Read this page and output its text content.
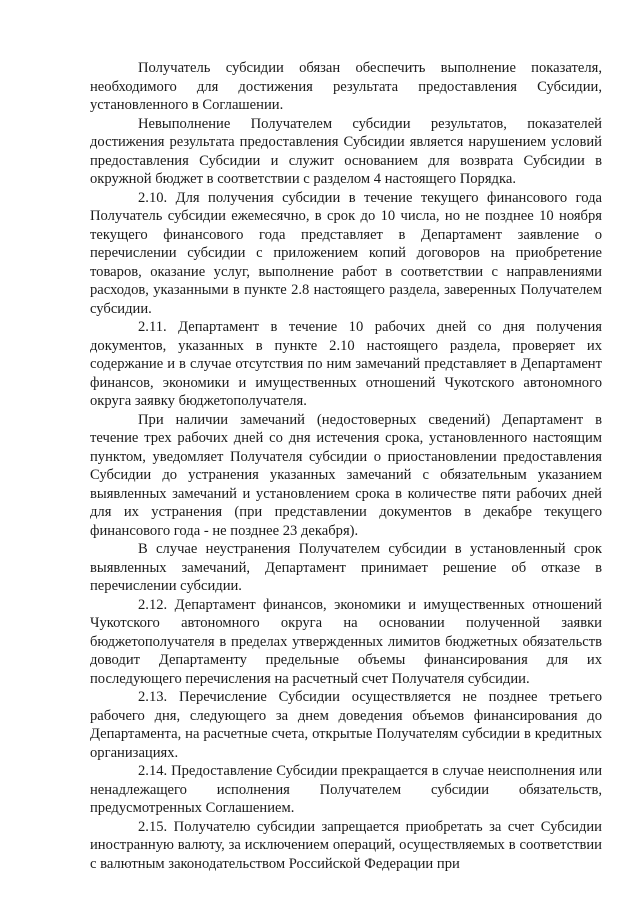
Получатель субсидии обязан обеспечить выполнение показателя, необходимого для достижения результата предоставления Субсидии, установленного в Соглашении.

Невыполнение Получателем субсидии результатов, показателей достижения результата предоставления Субсидии является нарушением условий предоставления Субсидии и служит основанием для возврата Субсидии в окружной бюджет в соответствии с разделом 4 настоящего Порядка.

2.10. Для получения субсидии в течение текущего финансового года Получатель субсидии ежемесячно, в срок до 10 числа, но не позднее 10 ноября текущего финансового года представляет в Департамент заявление о перечислении субсидии с приложением копий договоров на приобретение товаров, оказание услуг, выполнение работ в соответствии с направлениями расходов, указанными в пункте 2.8 настоящего раздела, заверенных Получателем субсидии.

2.11. Департамент в течение 10 рабочих дней со дня получения документов, указанных в пункте 2.10 настоящего раздела, проверяет их содержание и в случае отсутствия по ним замечаний представляет в Департамент финансов, экономики и имущественных отношений Чукотского автономного округа заявку бюджетополучателя.

При наличии замечаний (недостоверных сведений) Департамент в течение трех рабочих дней со дня истечения срока, установленного настоящим пунктом, уведомляет Получателя субсидии о приостановлении предоставления Субсидии до устранения указанных замечаний с обязательным указанием выявленных замечаний и установлением срока в количестве пяти рабочих дней для их устранения (при представлении документов в декабре текущего финансового года - не позднее 23 декабря).

В случае неустранения Получателем субсидии в установленный срок выявленных замечаний, Департамент принимает решение об отказе в перечислении субсидии.

2.12. Департамент финансов, экономики и имущественных отношений Чукотского автономного округа на основании полученной заявки бюджетополучателя в пределах утвержденных лимитов бюджетных обязательств доводит Департаменту предельные объемы финансирования для их последующего перечисления на расчетный счет Получателя субсидии.

2.13. Перечисление Субсидии осуществляется не позднее третьего рабочего дня, следующего за днем доведения объемов финансирования до Департамента, на расчетные счета, открытые Получателям субсидии в кредитных организациях.

2.14. Предоставление Субсидии прекращается в случае неисполнения или ненадлежащего исполнения Получателем субсидии обязательств, предусмотренных Соглашением.

2.15. Получателю субсидии запрещается приобретать за счет Субсидии иностранную валюту, за исключением операций, осуществляемых в соответствии с валютным законодательством Российской Федерации при
